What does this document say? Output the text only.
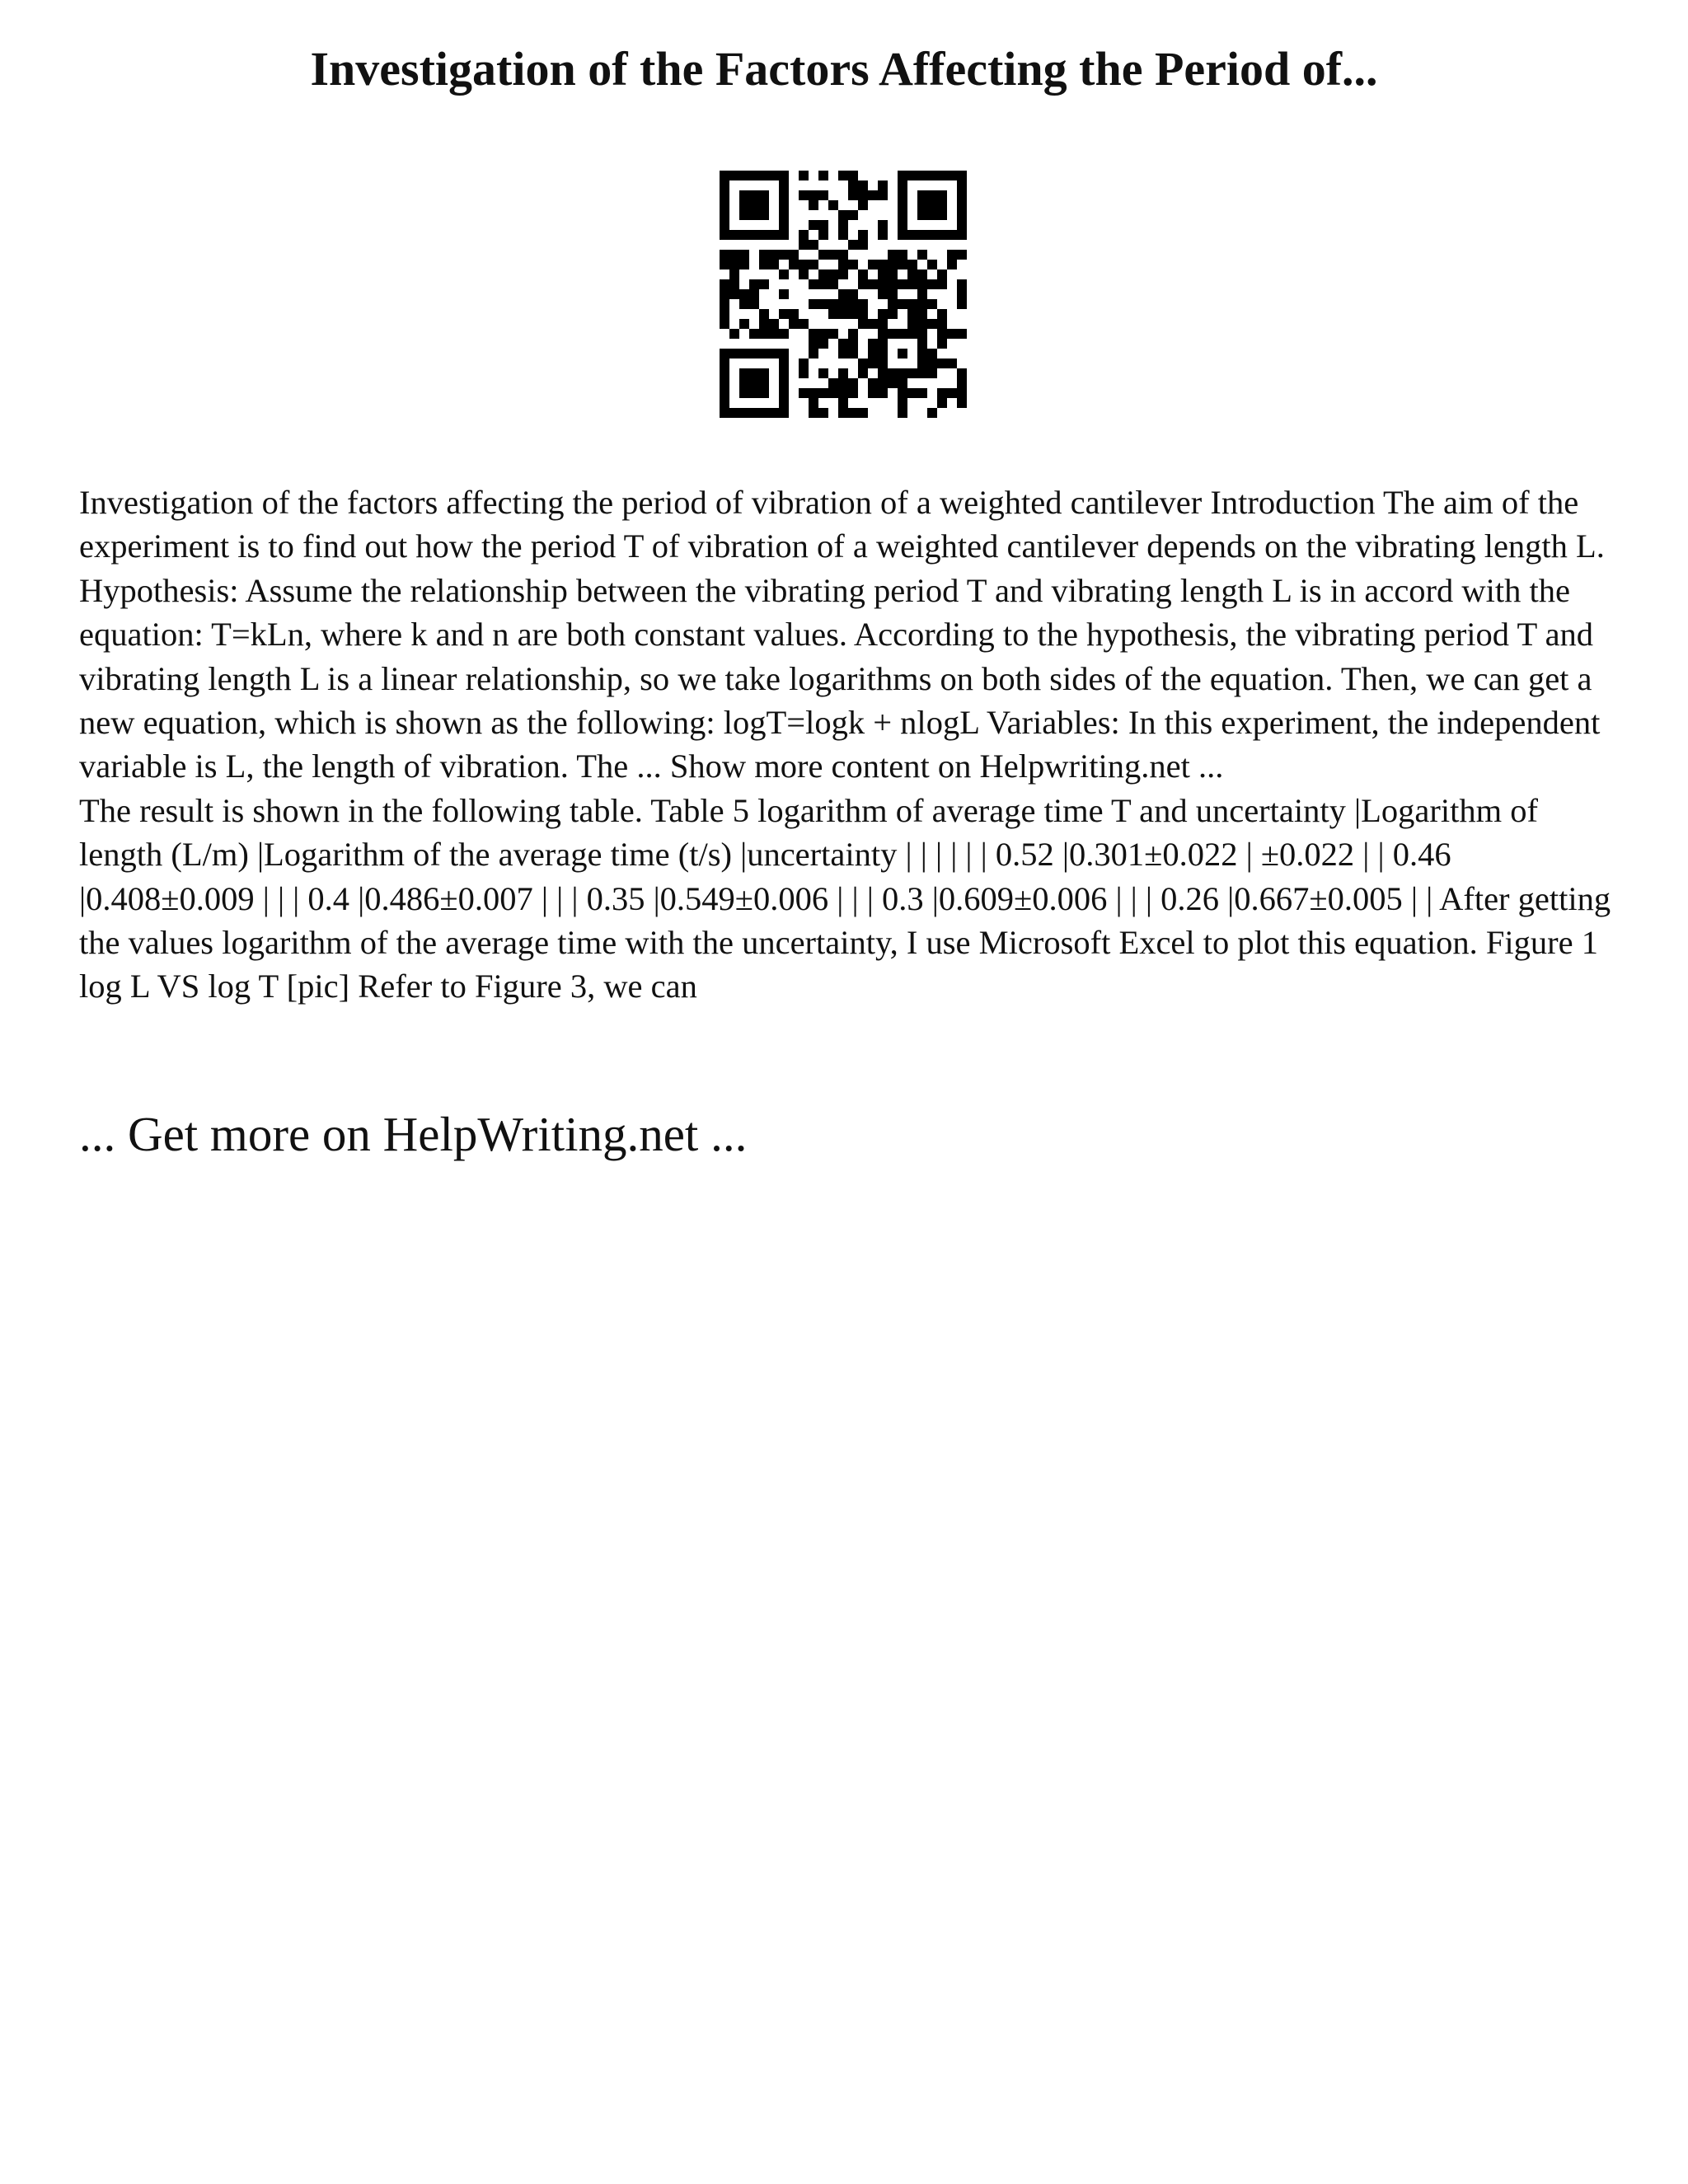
Investigation of the Factors Affecting the Period of...
Investigation of the factors affecting the period of vibration of a weighted cantilever Introduction The aim of the experiment is to find out how the period T of vibration of a weighted cantilever depends on the vibrating length L. Hypothesis: Assume the relationship between the vibrating period T and vibrating length L is in accord with the equation: T=kLn, where k and n are both constant values. According to the hypothesis, the vibrating period T and vibrating length L is a linear relationship, so we take logarithms on both sides of the equation. Then, we can get a new equation, which is shown as the following: logT=logk + nlogL Variables: In this experiment, the independent variable is L, the length of vibration. The ... Show more content on Helpwriting.net ...
The result is shown in the following table. Table 5 logarithm of average time T and uncertainty |Logarithm of length (L/m) |Logarithm of the average time (t/s) |uncertainty | | | | | | 0.52 |0.301±0.022 | ±0.022 | | 0.46 |0.408±0.009 | | | 0.4 |0.486±0.007 | | | 0.35 |0.549±0.006 | | | 0.3 |0.609±0.006 | | | 0.26 |0.667±0.005 | | After getting the values logarithm of the average time with the uncertainty, I use Microsoft Excel to plot this equation. Figure 1 log L VS log T [pic] Refer to Figure 3, we can

... Get more on HelpWriting.net ...
